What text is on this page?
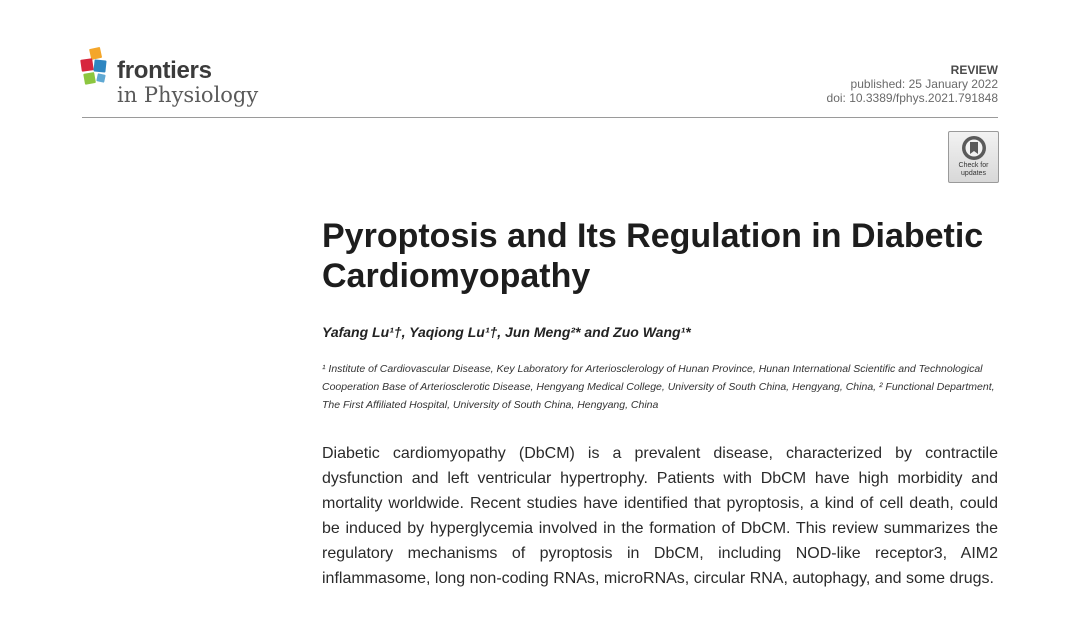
frontiers
in Physiology
REVIEW
published: 25 January 2022
doi: 10.3389/fphys.2021.791848
Check for
updates
Pyroptosis and Its Regulation in Diabetic Cardiomyopathy

Yafang Lu¹†, Yaqiong Lu¹†, Jun Meng²* and Zuo Wang¹*

¹ Institute of Cardiovascular Disease, Key Laboratory for Arteriosclerology of Hunan Province, Hunan International Scientific and Technological Cooperation Base of Arteriosclerotic Disease, Hengyang Medical College, University of South China, Hengyang, China, ² Functional Department, The First Affiliated Hospital, University of South China, Hengyang, China

Diabetic cardiomyopathy (DbCM) is a prevalent disease, characterized by contractile dysfunction and left ventricular hypertrophy. Patients with DbCM have high morbidity and mortality worldwide. Recent studies have identified that pyroptosis, a kind of cell death, could be induced by hyperglycemia involved in the formation of DbCM. This review summarizes the regulatory mechanisms of pyroptosis in DbCM, including NOD-like receptor3, AIM2 inflammasome, long non-coding RNAs, microRNAs, circular RNA, autophagy, and some drugs.
